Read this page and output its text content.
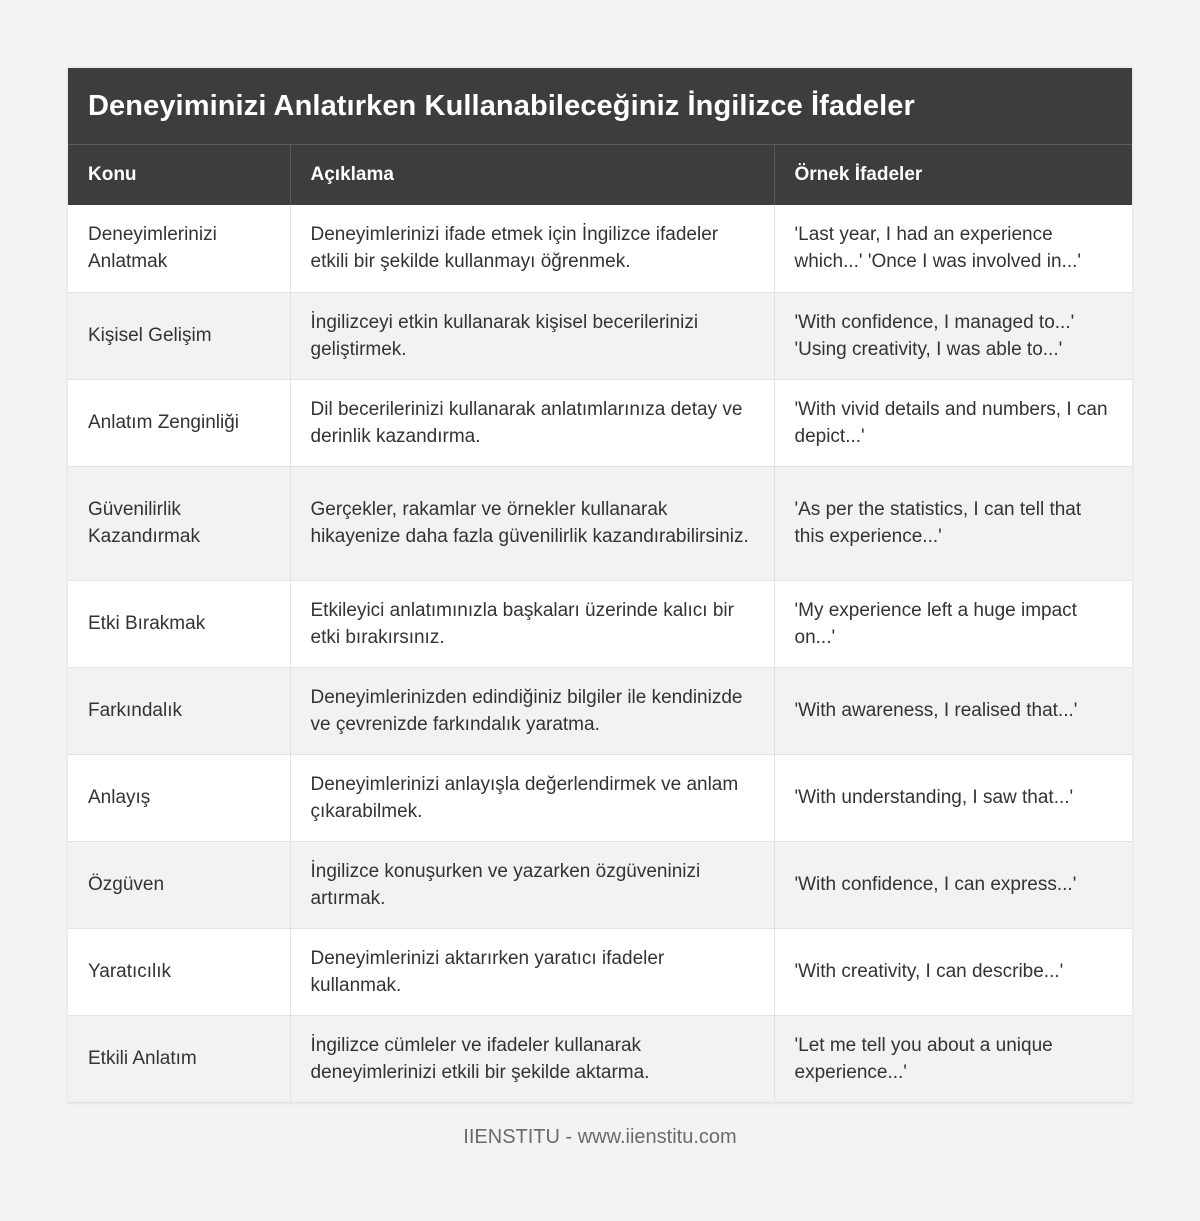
Deneyiminizi Anlatırken Kullanabileceğiniz İngilizce İfadeler
Konu	Açıklama	Örnek İfadeler
Deneyimlerinizi Anlatmak	Deneyimlerinizi ifade etmek için İngilizce ifadeler etkili bir şekilde kullanmayı öğrenmek.	'Last year, I had an experience which...' 'Once I was involved in...'
Kişisel Gelişim	İngilizceyi etkin kullanarak kişisel becerilerinizi geliştirmek.	'With confidence, I managed to...' 'Using creativity, I was able to...'
Anlatım Zenginliği	Dil becerilerinizi kullanarak anlatımlarınıza detay ve derinlik kazandırma.	'With vivid details and numbers, I can depict...'
Güvenilirlik Kazandırmak	Gerçekler, rakamlar ve örnekler kullanarak hikayenize daha fazla güvenilirlik kazandırabilirsiniz.	'As per the statistics, I can tell that this experience...'
Etki Bırakmak	Etkileyici anlatımınızla başkaları üzerinde kalıcı bir etki bırakırsınız.	'My experience left a huge impact on...'
Farkındalık	Deneyimlerinizden edindiğiniz bilgiler ile kendinizde ve çevrenizde farkındalık yaratma.	'With awareness, I realised that...'
Anlayış	Deneyimlerinizi anlayışla değerlendirmek ve anlam çıkarabilmek.	'With understanding, I saw that...'
Özgüven	İngilizce konuşurken ve yazarken özgüveninizi artırmak.	'With confidence, I can express...'
Yaratıcılık	Deneyimlerinizi aktarırken yaratıcı ifadeler kullanmak.	'With creativity, I can describe...'
Etkili Anlatım	İngilizce cümleler ve ifadeler kullanarak deneyimlerinizi etkili bir şekilde aktarma.	'Let me tell you about a unique experience...'
IIENSTITU - www.iienstitu.com
